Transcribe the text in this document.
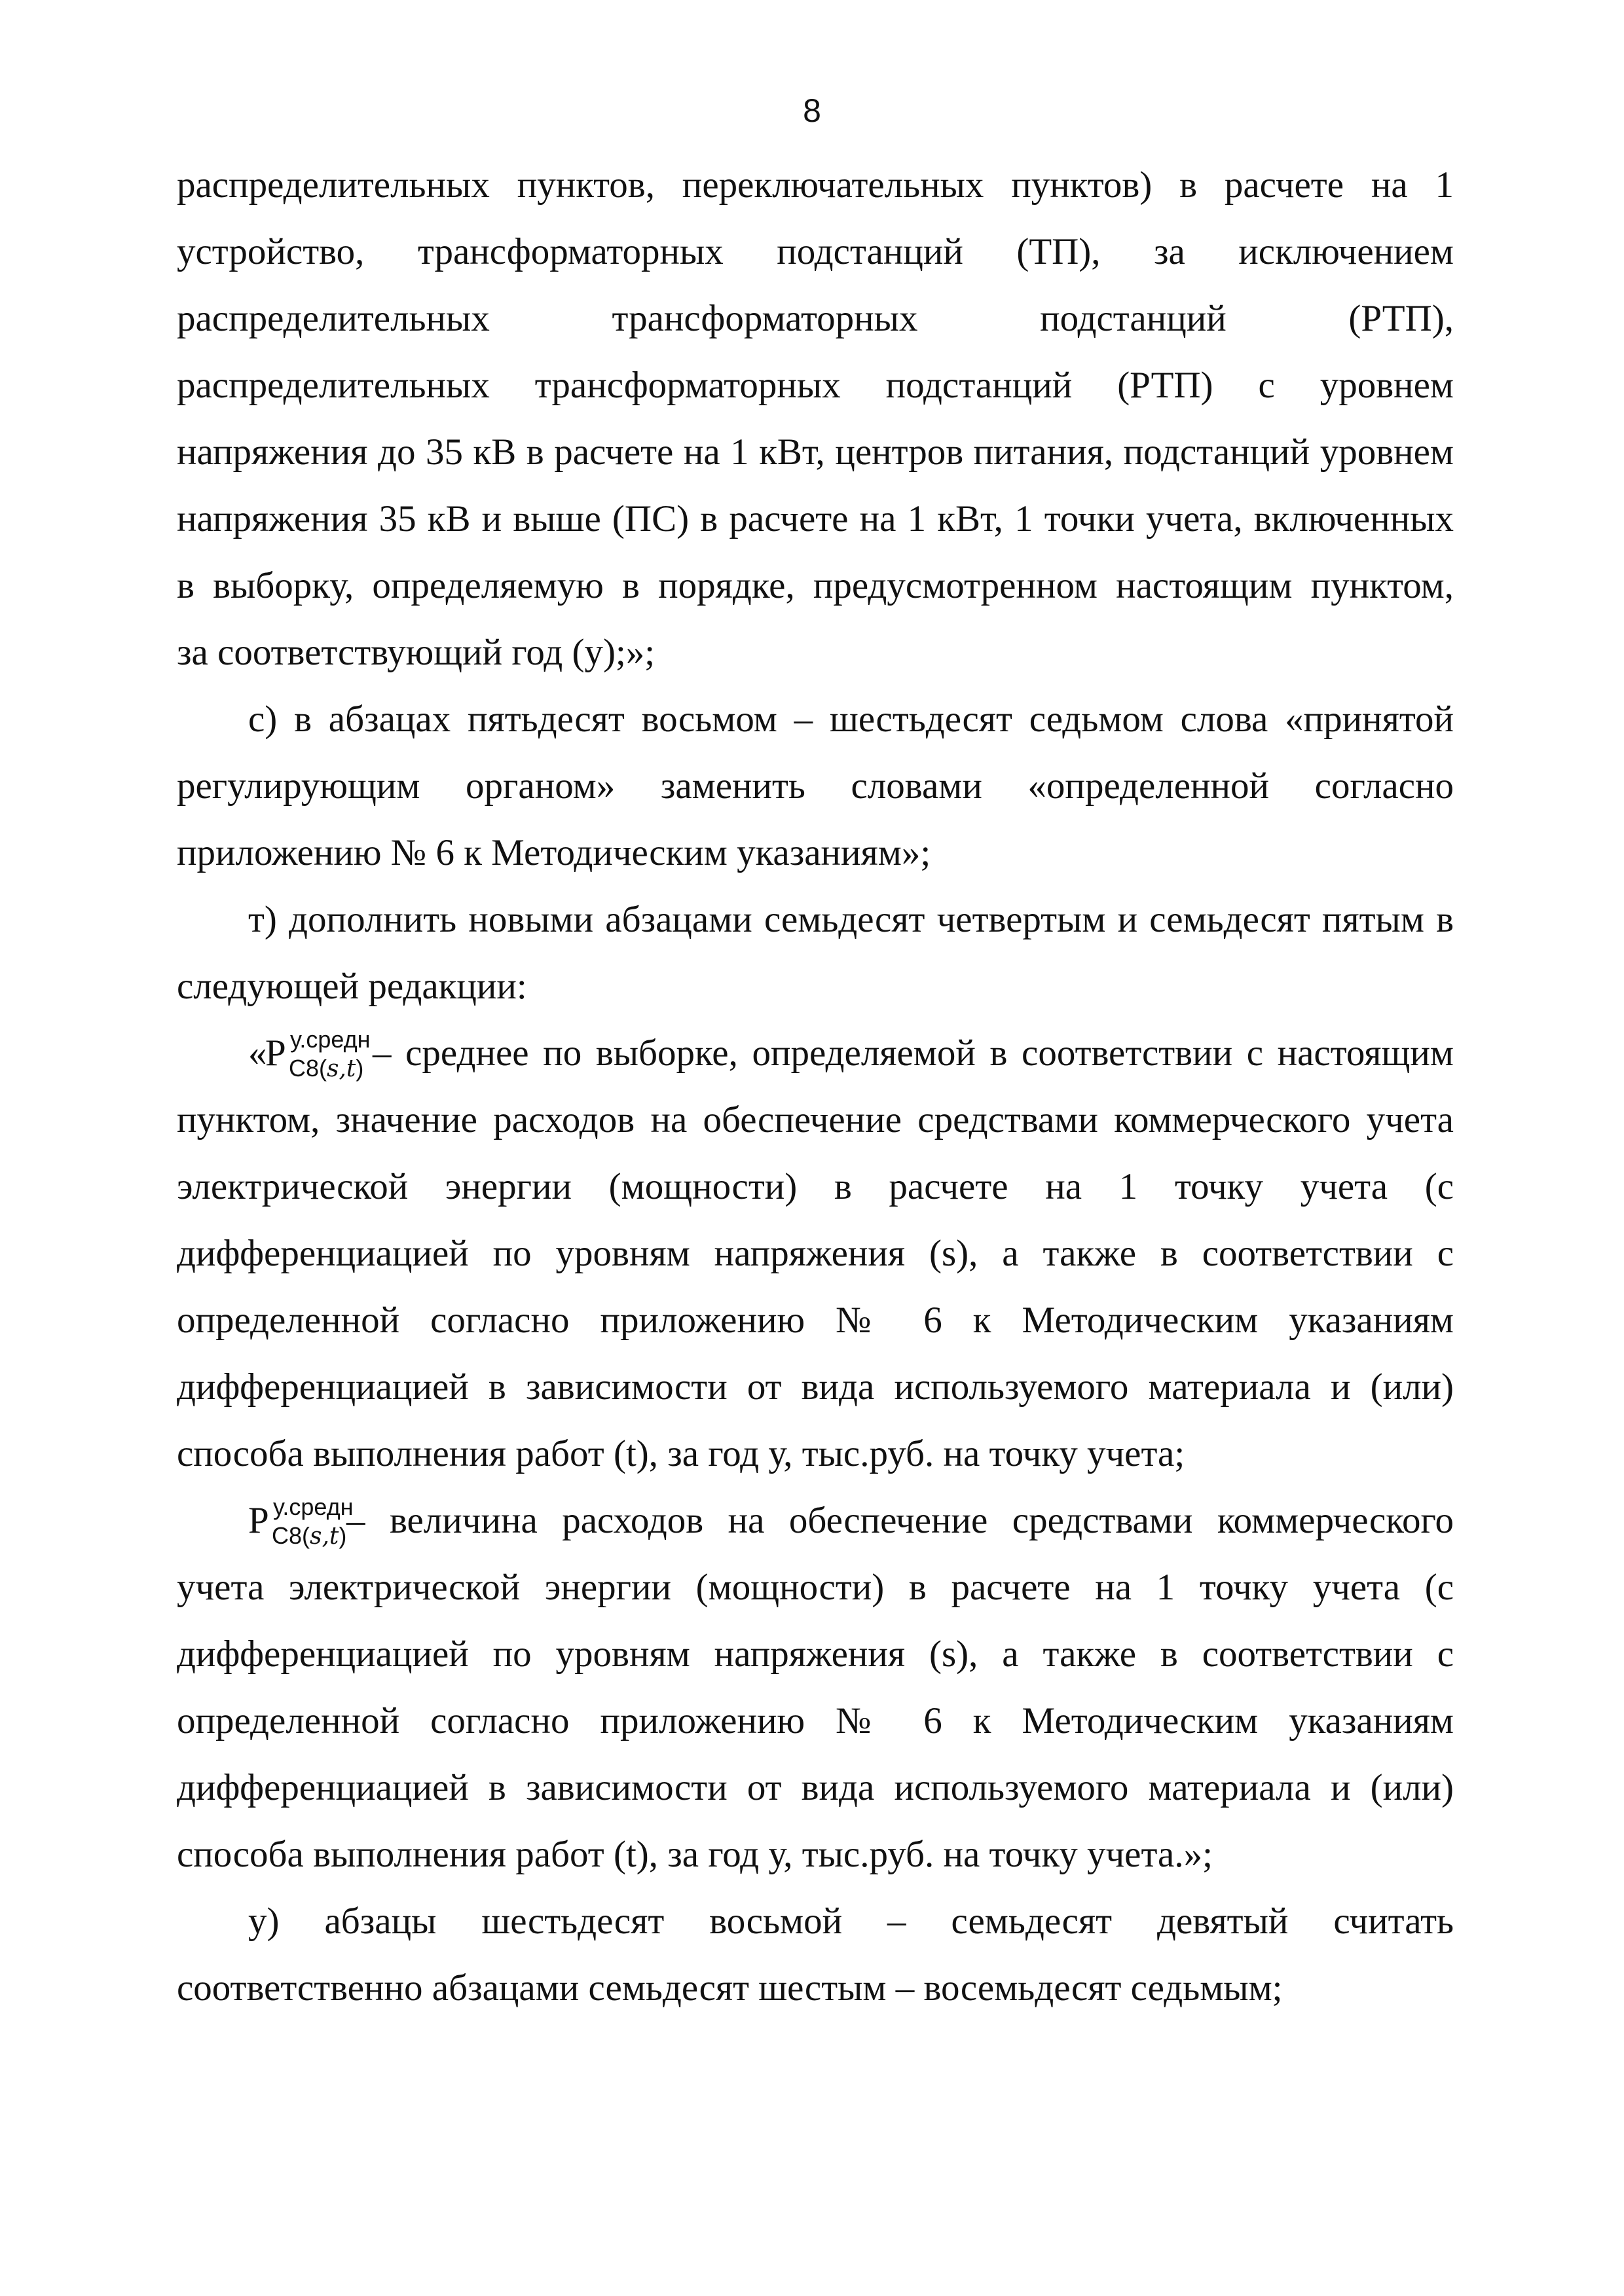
8
распределительных пунктов, переключательных пунктов) в расчете на 1
устройство, трансформаторных подстанций (ТП), за исключением
распределительных трансформаторных подстанций (РТП),
распределительных трансформаторных подстанций (РТП) с уровнем
напряжения до 35 кВ в расчете на 1 кВт, центров питания, подстанций уровнем
напряжения 35 кВ и выше (ПС) в расчете на 1 кВт, 1 точки учета, включенных
в выборку, определяемую в порядке, предусмотренном настоящим пунктом,
за соответствующий год (у);»;
с) в абзацах пятьдесят восьмом – шестьдесят седьмом слова «принятой
регулирующим органом» заменить словами «определенной согласно
приложению № 6 к Методическим указаниям»;
т) дополнить новыми абзацами семьдесят четвертым и семьдесят пятым в
следующей редакции:
«
P у.средн
С8(s,t) – среднее по выборке, определяемой в соответствии с настоящим
пунктом, значение расходов на обеспечение средствами коммерческого учета
электрической энергии (мощности) в расчете на 1 точку учета (с
дифференциацией по уровням напряжения (s), а также в соответствии с
определенной согласно приложению № 6 к Методическим указаниям
дифференциацией в зависимости от вида используемого материала и (или)
способа выполнения работ (t), за год у, тыс.руб. на точку учета;
P у.средн
С8(s,t) – величина расходов на обеспечение средствами коммерческого
учета электрической энергии (мощности) в расчете на 1 точку учета (с
дифференциацией по уровням напряжения (s), а также в соответствии с
определенной согласно приложению № 6 к Методическим указаниям
дифференциацией в зависимости от вида используемого материала и (или)
способа выполнения работ (t), за год у, тыс.руб. на точку учета.»;
у) абзацы шестьдесят восьмой – семьдесят девятый считать
соответственно абзацами семьдесят шестым – восемьдесят седьмым;
